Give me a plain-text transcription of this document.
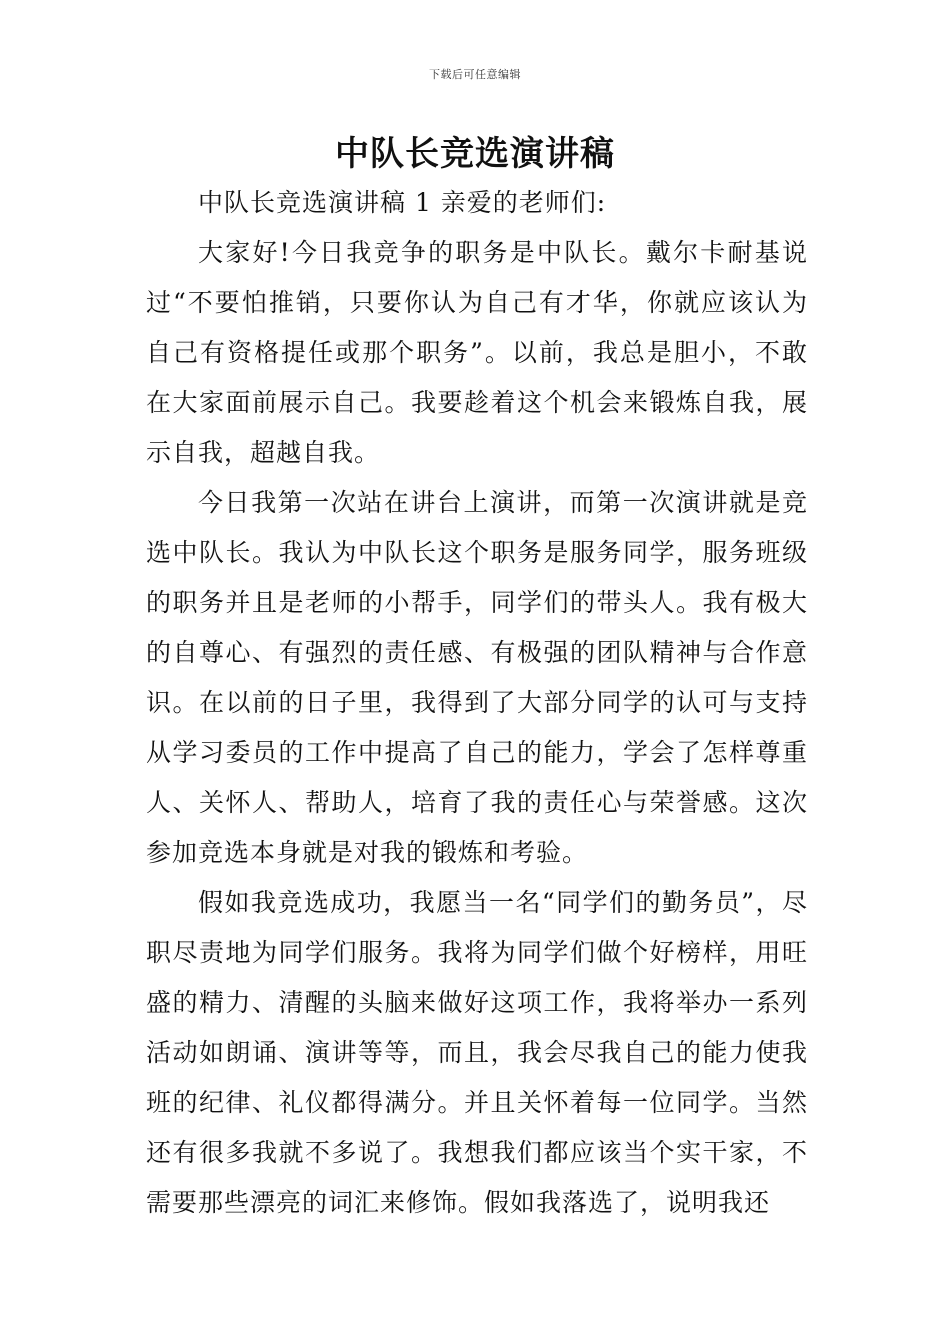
下载后可任意编辑
中队长竞选演讲稿

中队长竞选演讲稿 1 亲爱的老师们:

大家好!今日我竞争的职务是中队长。戴尔卡耐基说过“不要怕推销，只要你认为自己有才华，你就应该认为自己有资格提任或那个职务”。以前，我总是胆小，不敢在大家面前展示自己。我要趁着这个机会来锻炼自我，展示自我，超越自我。

今日我第一次站在讲台上演讲，而第一次演讲就是竞选中队长。我认为中队长这个职务是服务同学，服务班级的职务并且是老师的小帮手，同学们的带头人。我有极大的自尊心、有强烈的责任感、有极强的团队精神与合作意识。在以前的日子里，我得到了大部分同学的认可与支持从学习委员的工作中提高了自己的能力，学会了怎样尊重人、关怀人、帮助人，培育了我的责任心与荣誉感。这次参加竞选本身就是对我的锻炼和考验。

假如我竞选成功，我愿当一名“同学们的勤务员”，尽职尽责地为同学们服务。我将为同学们做个好榜样，用旺盛的精力、清醒的头脑来做好这项工作，我将举办一系列活动如朗诵、演讲等等，而且，我会尽我自己的能力使我班的纪律、礼仪都得满分。并且关怀着每一位同学。当然还有很多我就不多说了。我想我们都应该当个实干家，不需要那些漂亮的词汇来修饰。假如我落选了，说明我还
